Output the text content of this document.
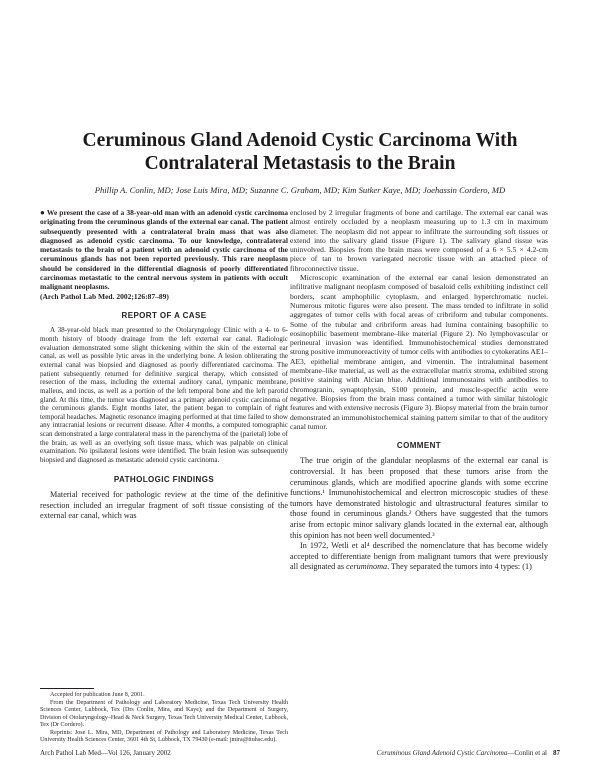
Ceruminous Gland Adenoid Cystic Carcinoma With Contralateral Metastasis to the Brain

Phillip A. Conlin, MD; Jose Luis Mira, MD; Suzanne C. Graham, MD; Kim Sutker Kaye, MD; Joehassin Cordero, MD

● We present the case of a 38-year-old man with an adenoid cystic carcinoma originating from the ceruminous glands of the external ear canal. The patient subsequently presented with a contralateral brain mass that was also diagnosed as adenoid cystic carcinoma. To our knowledge, contralateral metastasis to the brain of a patient with an adenoid cystic carcinoma of the ceruminous glands has not been reported previously. This rare neoplasm should be considered in the differential diagnosis of poorly differentiated carcinomas metastatic to the central nervous system in patients with occult malignant neoplasms.
(Arch Pathol Lab Med. 2002;126:87–89)

REPORT OF A CASE

A 38-year-old black man presented to the Otolaryngology Clinic with a 4- to 6-month history of bloody drainage from the left external ear canal. Radiologic evaluation demonstrated some slight thickening within the skin of the external ear canal, as well as possible lytic areas in the underlying bone. A lesion obliterating the external canal was biopsied and diagnosed as poorly differentiated carcinoma. The patient subsequently returned for definitive surgical therapy, which consisted of resection of the mass, including the external auditory canal, tympanic membrane, malleus, and incus, as well as a portion of the left temporal bone and the left parotid gland. At this time, the tumor was diagnosed as a primary adenoid cystic carcinoma of the ceruminous glands. Eight months later, the patient began to complain of right temporal headaches. Magnetic resonance imaging performed at that time failed to show any intracranial lesions or recurrent disease. After 4 months, a computed tomographic scan demonstrated a large contralateral mass in the parenchyma of the (parietal) lobe of the brain, as well as an overlying soft tissue mass, which was palpable on clinical examination. No ipsilateral lesions were identified. The brain lesion was subsequently biopsied and diagnosed as metastatic adenoid cystic carcinoma.

PATHOLOGIC FINDINGS

Material received for pathologic review at the time of the definitive resection included an irregular fragment of soft tissue consisting of the external ear canal, which was

enclosed by 2 irregular fragments of bone and cartilage. The external ear canal was almost entirely occluded by a neoplasm measuring up to 1.3 cm in maximum diameter. The neoplasm did not appear to infiltrate the surrounding soft tissues or extend into the salivary gland tissue (Figure 1). The salivary gland tissue was uninvolved. Biopsies from the brain mass were composed of a 6 × 5.5 × 4.2-cm piece of tan to brown variegated necrotic tissue with an attached piece of fibroconnective tissue.

Microscopic examination of the external ear canal lesion demonstrated an infiltrative malignant neoplasm composed of basaloid cells exhibiting indistinct cell borders, scant amphophilic cytoplasm, and enlarged hyperchromatic nuclei. Numerous mitotic figures were also present. The mass tended to infiltrate in solid aggregates of tumor cells with focal areas of cribriform and tubular components. Some of the tubular and cribriform areas had lumina containing basophilic to eosinophilic basement membrane–like material (Figure 2). No lymphovascular or perineural invasion was identified. Immunohistochemical studies demonstrated strong positive immunoreactivity of tumor cells with antibodies to cytokeratins AE1–AE3, epithelial membrane antigen, and vimentin. The intraluminal basement membrane–like material, as well as the extracellular matrix stroma, exhibited strong positive staining with Alcian blue. Additional immunostains with antibodies to chromogranin, synaptophysin, S100 protein, and muscle-specific actin were negative. Biopsies from the brain mass contained a tumor with similar histologic features and with extensive necrosis (Figure 3). Biopsy material from the brain tumor demonstrated an immunohistochemical staining pattern similar to that of the auditory canal tumor.

COMMENT

The true origin of the glandular neoplasms of the external ear canal is controversial. It has been proposed that these tumors arise from the ceruminous glands, which are modified apocrine glands with some eccrine functions.¹ Immunohistochemical and electron microscopic studies of these tumors have demonstrated histologic and ultrastructural features similar to those found in ceruminous glands.² Others have suggested that the tumors arise from ectopic minor salivary glands located in the external ear, although this opinion has not been well documented.³

In 1972, Wetli et al⁴ described the nomenclature that has become widely accepted to differentiate benign from malignant tumors that were previously all designated as ceruminoma. They separated the tumors into 4 types: (1)

Accepted for publication June 8, 2001.

From the Department of Pathology and Laboratory Medicine, Texas Tech University Health Sciences Center, Lubbock, Tex (Drs Conlin, Mira, and Kaye); and the Department of Surgery, Division of Otolaryngology–Head & Neck Surgery, Texas Tech University Medical Center, Lubbock, Tex (Dr Cordero).

Reprints: Jose L. Mira, MD, Department of Pathology and Laboratory Medicine, Texas Tech University Health Sciences Center, 3601 4th St, Lubbock, TX 79430 (e-mail: jmira@ttuhsc.edu).

Arch Pathol Lab Med—Vol 126, January 2002	Ceruminous Gland Adenoid Cystic Carcinoma—Conlin et al 87
